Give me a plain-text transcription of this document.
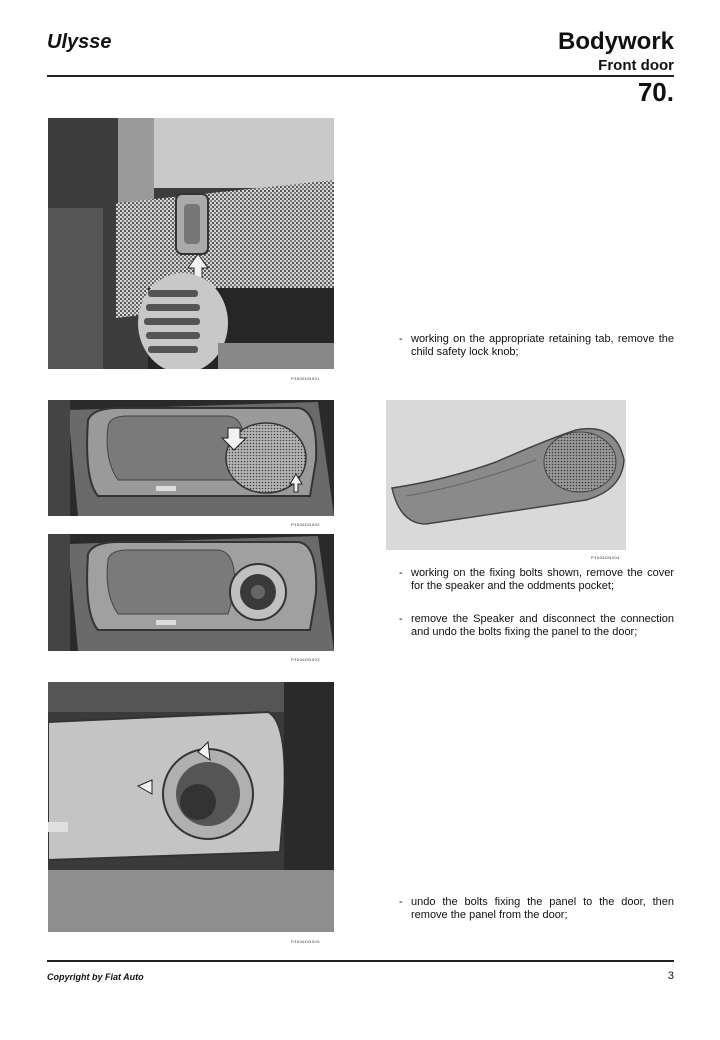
Ulysse	Bodywork
Front door
70.
P3506DN001
P3506DN002
P3506DN003
P3506DN004
P3506DN005
- working on the appropriate retaining tab, remove the child safety lock knob;
- working on the fixing bolts shown, remove the cover for the speaker and the oddments pocket;
- remove the Speaker and disconnect the connection and undo the bolts fixing the panel to the door;
- undo the bolts fixing the panel to the door, then remove the panel from the door;
Copyright by Fiat Auto	3
